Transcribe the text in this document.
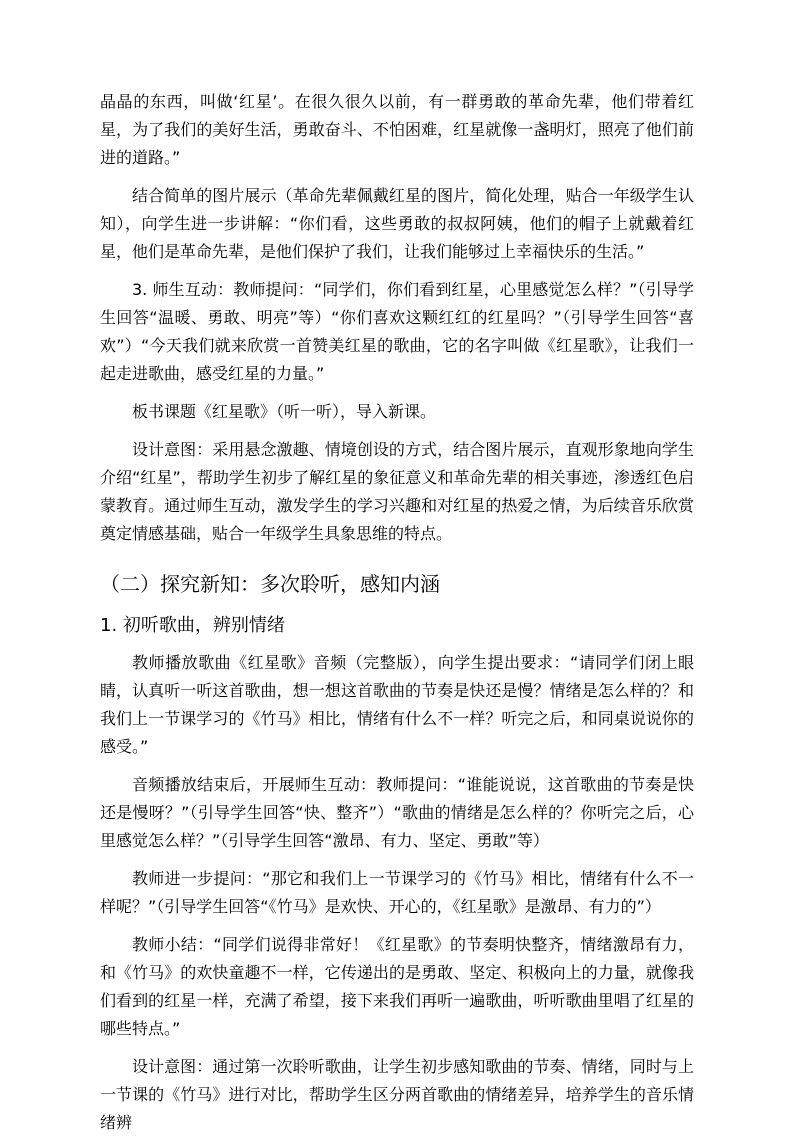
晶晶的东西，叫做‘红星’。在很久很久以前，有一群勇敢的革命先辈，他们带着红星，为了我们的美好生活，勇敢奋斗、不怕困难，红星就像一盏明灯，照亮了他们前进的道路。”

结合简单的图片展示（革命先辈佩戴红星的图片，简化处理，贴合一年级学生认知），向学生进一步讲解：“你们看，这些勇敢的叔叔阿姨，他们的帽子上就戴着红星，他们是革命先辈，是他们保护了我们，让我们能够过上幸福快乐的生活。”

3. 师生互动：教师提问：“同学们，你们看到红星，心里感觉怎么样？”（引导学生回答“温暖、勇敢、明亮”等）“你们喜欢这颗红红的红星吗？”（引导学生回答“喜欢”）“今天我们就来欣赏一首赞美红星的歌曲，它的名字叫做《红星歌》，让我们一起走进歌曲，感受红星的力量。”

板书课题《红星歌》（听一听），导入新课。

设计意图：采用悬念激趣、情境创设的方式，结合图片展示，直观形象地向学生介绍“红星”，帮助学生初步了解红星的象征意义和革命先辈的相关事迹，渗透红色启蒙教育。通过师生互动，激发学生的学习兴趣和对红星的热爱之情，为后续音乐欣赏奠定情感基础，贴合一年级学生具象思维的特点。

（二）探究新知：多次聆听，感知内涵
1. 初听歌曲，辨别情绪

教师播放歌曲《红星歌》音频（完整版），向学生提出要求：“请同学们闭上眼睛，认真听一听这首歌曲，想一想这首歌曲的节奏是快还是慢？情绪是怎么样的？和我们上一节课学习的《竹马》相比，情绪有什么不一样？听完之后，和同桌说说你的感受。”

音频播放结束后，开展师生互动：教师提问：“谁能说说，这首歌曲的节奏是快还是慢呀？”（引导学生回答“快、整齐”）“歌曲的情绪是怎么样的？你听完之后，心里感觉怎么样？”（引导学生回答“激昂、有力、坚定、勇敢”等）

教师进一步提问：“那它和我们上一节课学习的《竹马》相比，情绪有什么不一样呢？”（引导学生回答“《竹马》是欢快、开心的，《红星歌》是激昂、有力的”）

教师小结：“同学们说得非常好！《红星歌》的节奏明快整齐，情绪激昂有力，和《竹马》的欢快童趣不一样，它传递出的是勇敢、坚定、积极向上的力量，就像我们看到的红星一样，充满了希望，接下来我们再听一遍歌曲，听听歌曲里唱了红星的哪些特点。”

设计意图：通过第一次聆听歌曲，让学生初步感知歌曲的节奏、情绪，同时与上一节课的《竹马》进行对比，帮助学生区分两首歌曲的情绪差异，培养学生的音乐情绪辨
